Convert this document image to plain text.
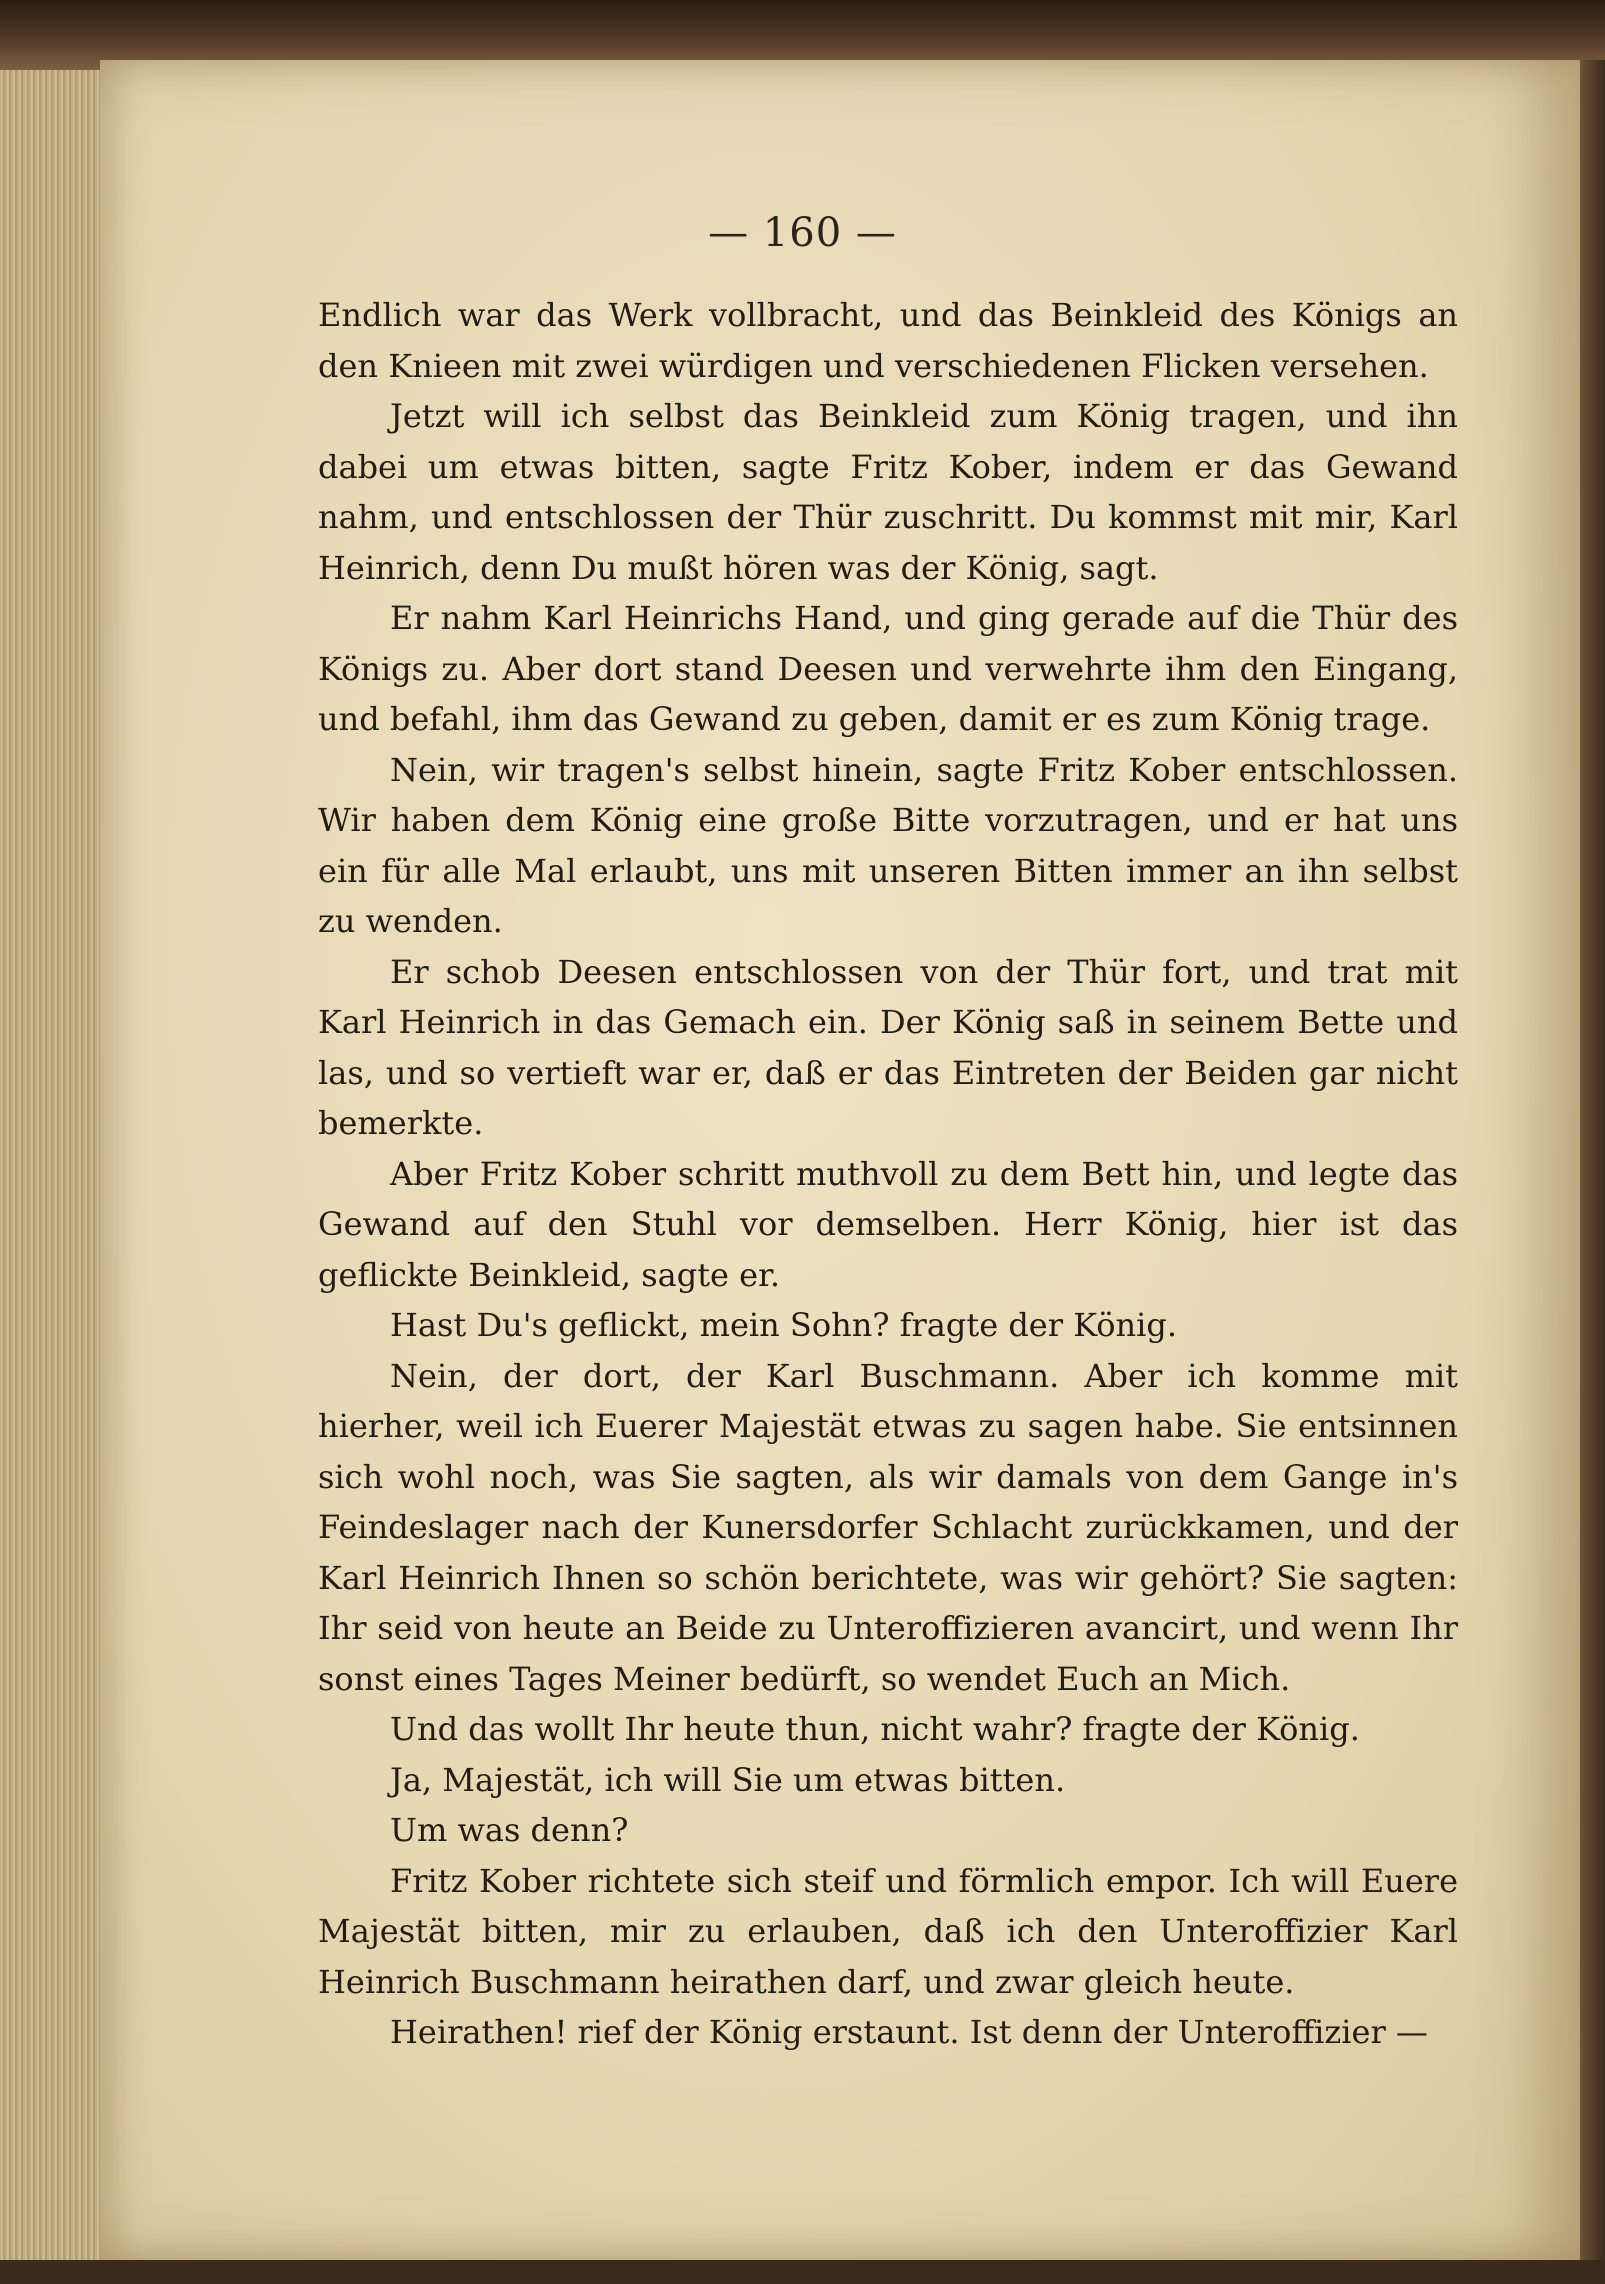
— 160 —

Endlich war das Werk vollbracht, und das Beinkleid des Königs an den Knieen mit zwei würdigen und verschiedenen Flicken versehen.

Jetzt will ich selbst das Beinkleid zum König tragen, und ihn dabei um etwas bitten, sagte Fritz Kober, indem er das Gewand nahm, und entschlossen der Thür zuschritt. Du kommst mit mir, Karl Heinrich, denn Du mußt hören was der König, sagt.

Er nahm Karl Heinrichs Hand, und ging gerade auf die Thür des Königs zu. Aber dort stand Deesen und verwehrte ihm den Eingang, und befahl, ihm das Gewand zu geben, damit er es zum König trage.

Nein, wir tragen's selbst hinein, sagte Fritz Kober entschlossen. Wir haben dem König eine große Bitte vorzutragen, und er hat uns ein für alle Mal erlaubt, uns mit unseren Bitten immer an ihn selbst zu wenden.

Er schob Deesen entschlossen von der Thür fort, und trat mit Karl Heinrich in das Gemach ein. Der König saß in seinem Bette und las, und so vertieft war er, daß er das Eintreten der Beiden gar nicht bemerkte.

Aber Fritz Kober schritt muthvoll zu dem Bett hin, und legte das Gewand auf den Stuhl vor demselben. Herr König, hier ist das geflickte Beinkleid, sagte er.

Hast Du's geflickt, mein Sohn? fragte der König.

Nein, der dort, der Karl Buschmann. Aber ich komme mit hierher, weil ich Euerer Majestät etwas zu sagen habe. Sie entsinnen sich wohl noch, was Sie sagten, als wir damals von dem Gange in's Feindeslager nach der Kunersdorfer Schlacht zurückkamen, und der Karl Heinrich Ihnen so schön berichtete, was wir gehört? Sie sagten: Ihr seid von heute an Beide zu Unteroffizieren avancirt, und wenn Ihr sonst eines Tages Meiner bedürft, so wendet Euch an Mich.

Und das wollt Ihr heute thun, nicht wahr? fragte der König.

Ja, Majestät, ich will Sie um etwas bitten.

Um was denn?

Fritz Kober richtete sich steif und förmlich empor. Ich will Euere Majestät bitten, mir zu erlauben, daß ich den Unteroffizier Karl Heinrich Buschmann heirathen darf, und zwar gleich heute.

Heirathen! rief der König erstaunt. Ist denn der Unteroffizier —
